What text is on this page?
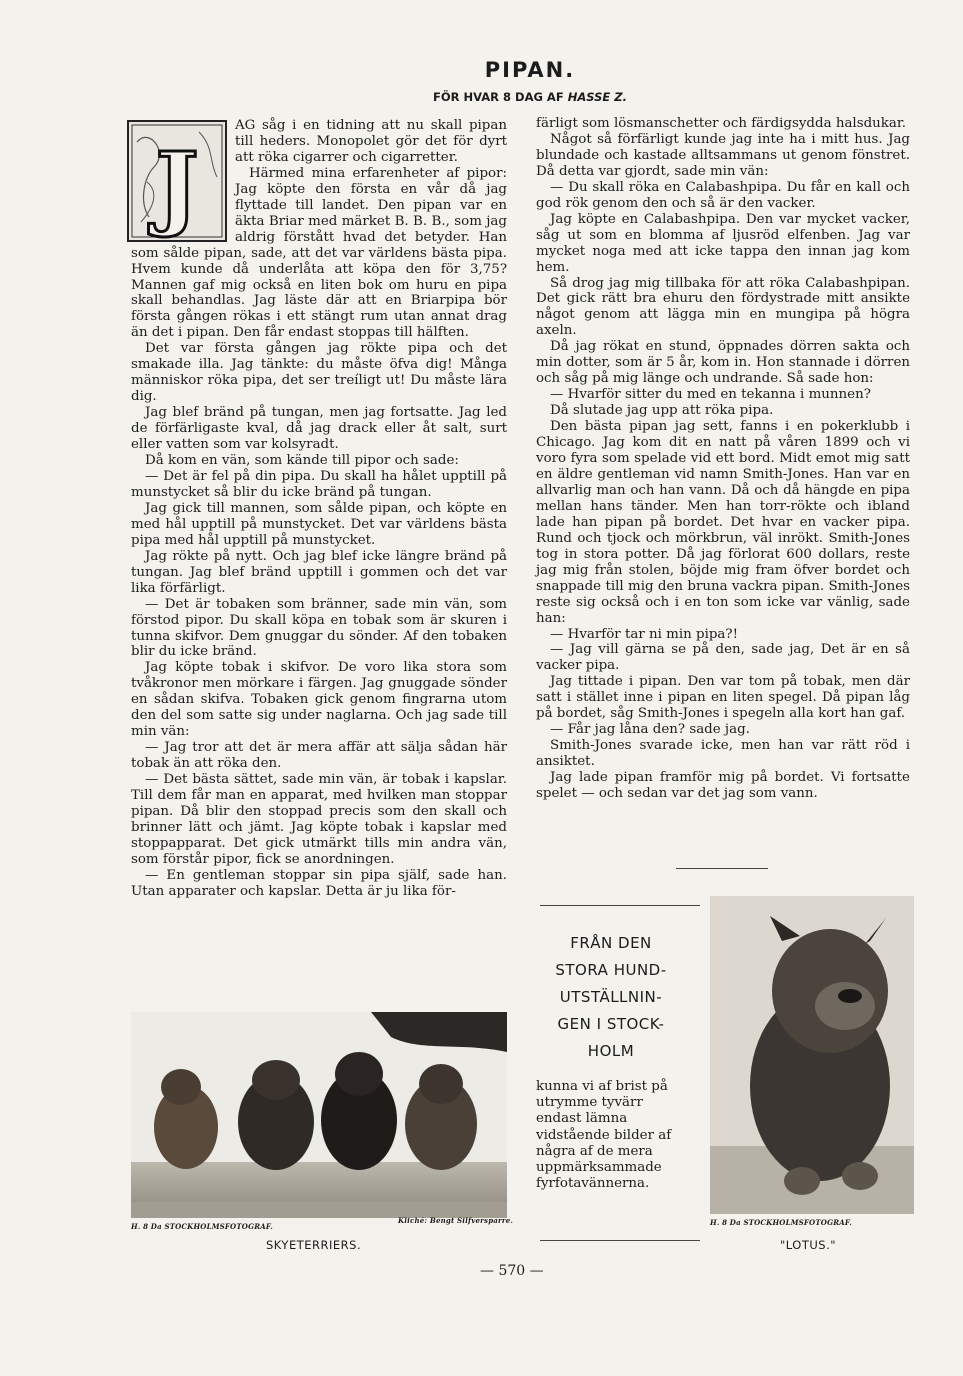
PIPAN.
FÖR HVAR 8 DAG AF HASSE Z.
J

AG såg i en tidning att nu skall pipan till heders. Monopolet gör det för dyrt att röka cigarrer och cigarretter.

Härmed mina erfarenheter af pipor: Jag köpte den första en vår då jag flyttade till landet. Den pipan var en äkta Briar med märket B. B. B., som jag aldrig förstått hvad det betyder. Han som sålde pipan, sade, att det var världens bästa pipa. Hvem kunde då underlåta att köpa den för 3,75? Mannen gaf mig också en liten bok om huru en pipa skall behandlas. Jag läste där att en Briarpipa bör första gången rökas i ett stängt rum utan annat drag än det i pipan. Den får endast stoppas till hälften.

Det var första gången jag rökte pipa och det smakade illa. Jag tänkte: du måste öfva dig! Många människor röka pipa, det ser treíligt ut! Du måste lära dig.

Jag blef bränd på tungan, men jag fortsatte. Jag led de förfärligaste kval, då jag drack eller åt salt, surt eller vatten som var kolsyradt.

Då kom en vän, som kände till pipor och sade:

— Det är fel på din pipa. Du skall ha hålet upptill på munstycket så blir du icke bränd på tungan.

Jag gick till mannen, som sålde pipan, och köpte en med hål upptill på munstycket. Det var världens bästa pipa med hål upptill på munstycket.

Jag rökte på nytt. Och jag blef icke längre bränd på tungan. Jag blef bränd upptill i gommen och det var lika förfärligt.

— Det är tobaken som bränner, sade min vän, som förstod pipor. Du skall köpa en tobak som är skuren i tunna skifvor. Dem gnuggar du sönder. Af den tobaken blir du icke bränd.

Jag köpte tobak i skifvor. De voro lika stora som tvåkronor men mörkare i färgen. Jag gnuggade sönder en sådan skifva. Tobaken gick genom fingrarna utom den del som satte sig under naglarna. Och jag sade till min vän:

— Jag tror att det är mera affär att sälja sådan här tobak än att röka den.

— Det bästa sättet, sade min vän, är tobak i kapslar. Till dem får man en apparat, med hvilken man stoppar pipan. Då blir den stoppad precis som den skall och brinner lätt och jämt. Jag köpte tobak i kapslar med stoppapparat. Det gick utmärkt tills min andra vän, som förstår pipor, fick se anordningen.

— En gentleman stoppar sin pipa själf, sade han. Utan apparater och kapslar. Detta är ju lika för-

färligt som lösmanschetter och färdigsydda halsdukar.

Något så förfärligt kunde jag inte ha i mitt hus. Jag blundade och kastade alltsammans ut genom fönstret. Då detta var gjordt, sade min vän:

— Du skall röka en Calabashpipa. Du får en kall och god rök genom den och så är den vacker.

Jag köpte en Calabashpipa. Den var mycket vacker, såg ut som en blomma af ljusröd elfenben. Jag var mycket noga med att icke tappa den innan jag kom hem.

Så drog jag mig tillbaka för att röka Calabashpipan. Det gick rätt bra ehuru den fördystrade mitt ansikte något genom att lägga min en mungipa på högra axeln.

Då jag rökat en stund, öppnades dörren sakta och min dotter, som är 5 år, kom in. Hon stannade i dörren och såg på mig länge och undrande. Så sade hon:

— Hvarför sitter du med en tekanna i munnen?

Då slutade jag upp att röka pipa.

Den bästa pipan jag sett, fanns i en pokerklubb i Chicago. Jag kom dit en natt på våren 1899 och vi voro fyra som spelade vid ett bord. Midt emot mig satt en äldre gentleman vid namn Smith-Jones. Han var en allvarlig man och han vann. Då och då hängde en pipa mellan hans tänder. Men han torr-rökte och ibland lade han pipan på bordet. Det hvar en vacker pipa. Rund och tjock och mörkbrun, väl inrökt. Smith-Jones tog in stora potter. Då jag förlorat 600 dollars, reste jag mig från stolen, böjde mig fram öfver bordet och snappade till mig den bruna vackra pipan. Smith-Jones reste sig också och i en ton som icke var vänlig, sade han:

— Hvarför tar ni min pipa?!

— Jag vill gärna se på den, sade jag, Det är en så vacker pipa.

Jag tittade i pipan. Den var tom på tobak, men där satt i stället inne i pipan en liten spegel. Då pipan låg på bordet, såg Smith-Jones i spegeln alla kort han gaf.

— Får jag låna den? sade jag.

Smith-Jones svarade icke, men han var rätt röd i ansiktet.

Jag lade pipan framför mig på bordet. Vi fortsatte spelet — och sedan var det jag som vann.

FRÅN DEN
STORA HUND-
UTSTÄLLNIN-
GEN I STOCK-
HOLM
kunna vi af brist på utrymme tyvärr endast lämna vidstående bilder af några af de mera uppmärksammade fyrfotavännerna.
H. 8 Da STOCKHOLMSFOTOGRAF.
Kliché: Bengt Silfversparre.
SKYETERRIERS.
H. 8 Da STOCKHOLMSFOTOGRAF.
"LOTUS."
— 570 —
